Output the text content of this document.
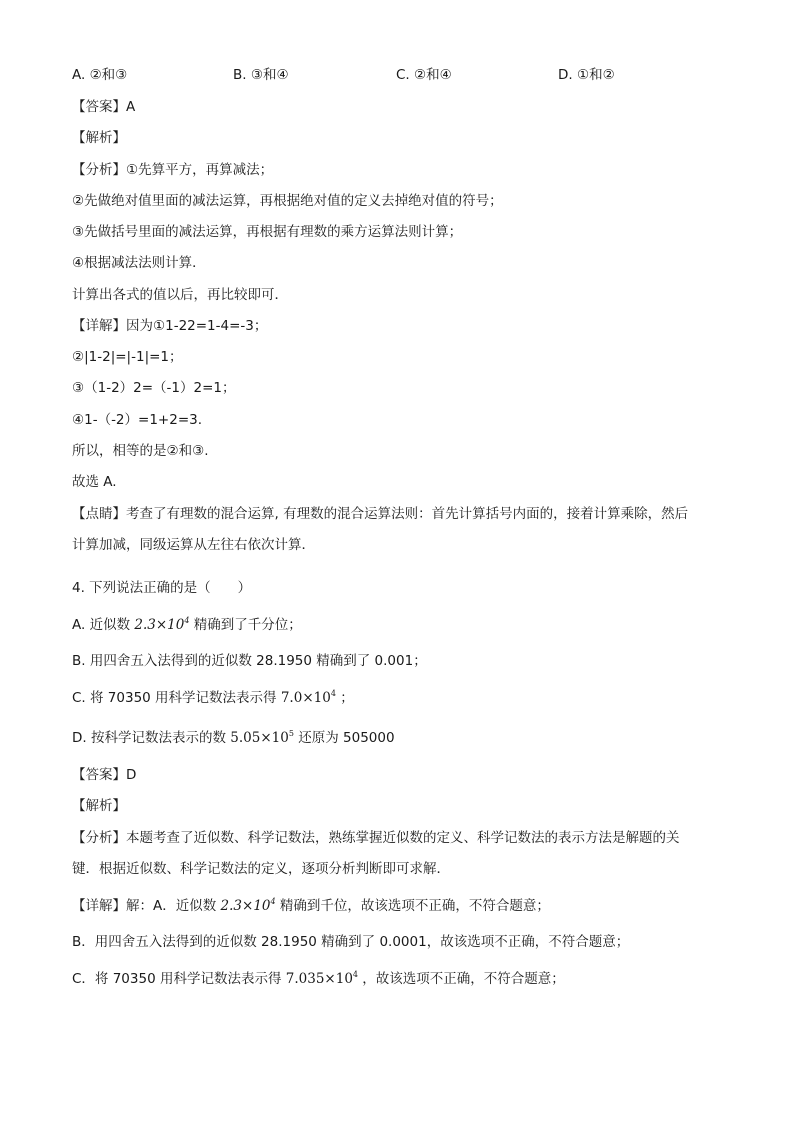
A. ②和③	B. ③和④	C. ②和④	D. ①和②
【答案】A
【解析】
【分析】①先算平方，再算减法；
②先做绝对值里面的减法运算，再根据绝对值的定义去掉绝对值的符号；
③先做括号里面的减法运算，再根据有理数的乘方运算法则计算；
④根据减法法则计算．
计算出各式的值以后，再比较即可．
【详解】因为①1-22=1-4=-3；
②|1-2|=|-1|=1；
③（1-2）2=（-1）2=1；
④1-（-2）=1+2=3.
所以，相等的是②和③.
故选 A.
【点睛】考查了有理数的混合运算, 有理数的混合运算法则：首先计算括号内面的，接着计算乘除，然后
计算加减，同级运算从左往右依次计算．
4. 下列说法正确的是（　　）
A. 近似数 $2.3\times 10^4$ 精确到了千分位；
B. 用四舍五入法得到的近似数 28.1950 精确到了 0.001；
C. 将 70350 用科学记数法表示得 $7.0\times 10^4$ ；
D. 按科学记数法表示的数 $5.05\times 10^5$ 还原为 505000
【答案】D
【解析】
【分析】本题考查了近似数、科学记数法，熟练掌握近似数的定义、科学记数法的表示方法是解题的关
键．根据近似数、科学记数法的定义，逐项分析判断即可求解．
【详解】解：A．近似数 $2.3\times 10^4$ 精确到千位，故该选项不正确，不符合题意；
B．用四舍五入法得到的近似数 28.1950 精确到了 0.0001，故该选项不正确，不符合题意；
C．将 70350 用科学记数法表示得 $7.035\times 10^4$ ，故该选项不正确，不符合题意；
